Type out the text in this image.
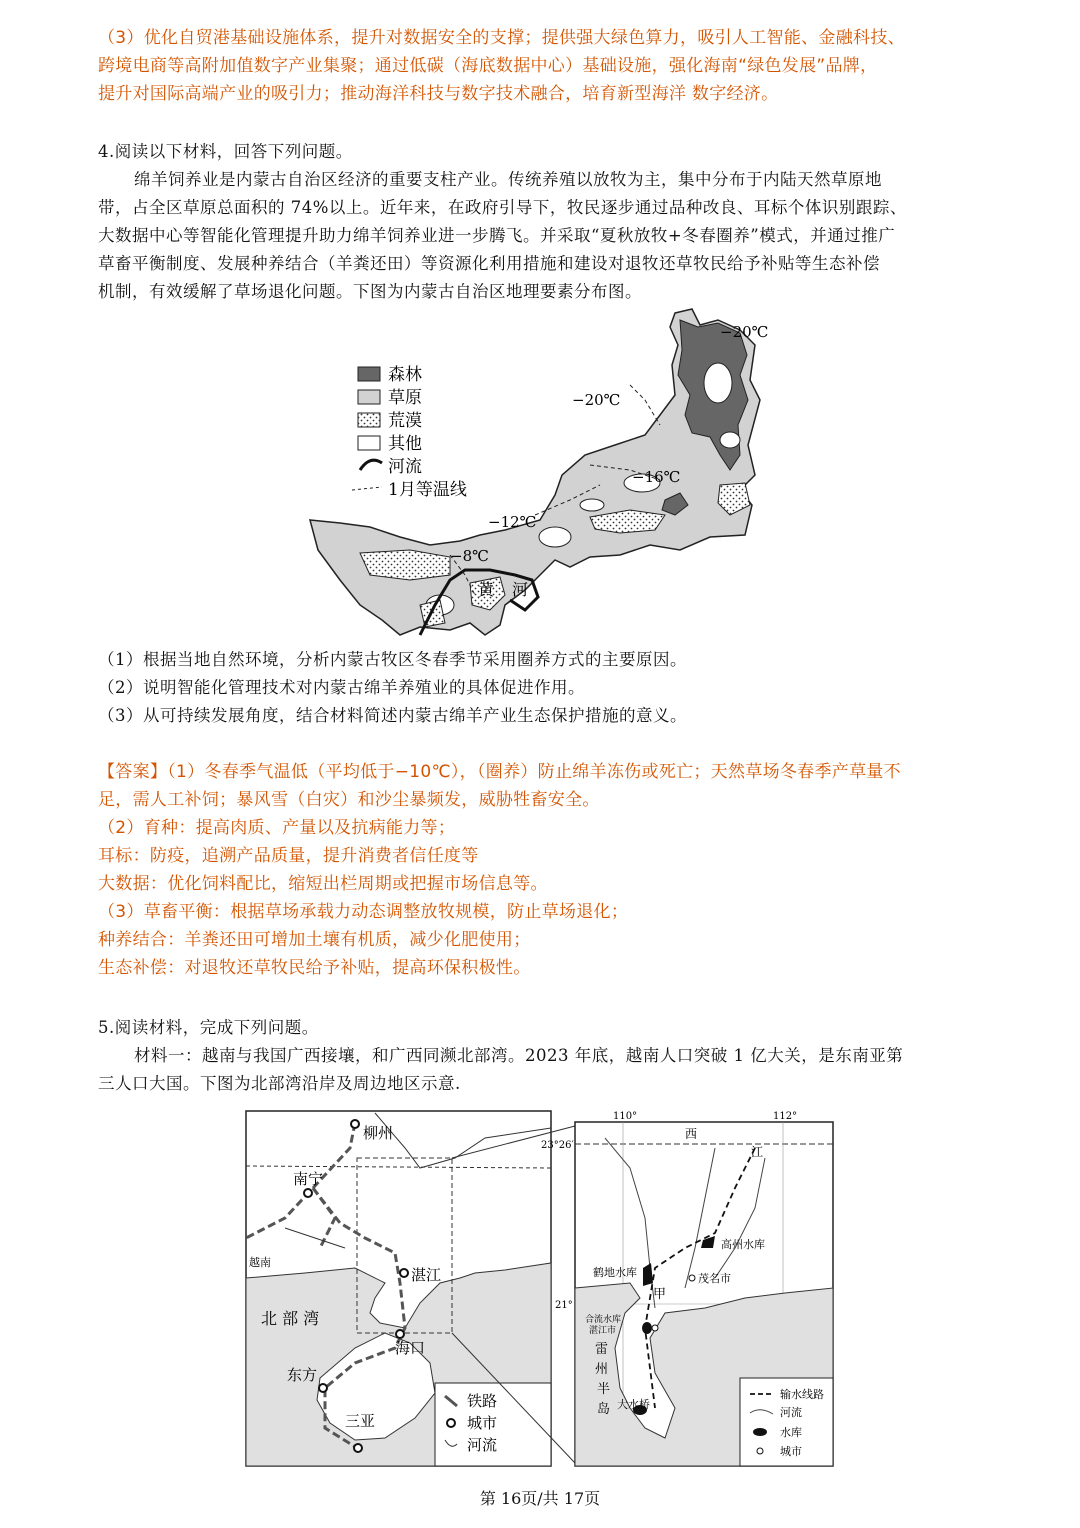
（3）优化自贸港基础设施体系，提升对数据安全的支撑；提供强大绿色算力，吸引人工智能、金融科技、

跨境电商等高附加值数字产业集聚；通过低碳（海底数据中心）基础设施，强化海南“绿色发展”品牌，

提升对国际高端产业的吸引力；推动海洋科技与数字技术融合，培育新型海洋 数字经济。

4.阅读以下材料，回答下列问题。

绵羊饲养业是内蒙古自治区经济的重要支柱产业。传统养殖以放牧为主，集中分布于内陆天然草原地

带，占全区草原总面积的 74%以上。近年来，在政府引导下，牧民逐步通过品种改良、耳标个体识别跟踪、

大数据中心等智能化管理提升助力绵羊饲养业进一步腾飞。并采取“夏秋放牧+冬春圈养”模式，并通过推广

草畜平衡制度、发展种养结合（羊粪还田）等资源化利用措施和建设对退牧还草牧民给予补贴等生态补偿

机制，有效缓解了草场退化问题。下图为内蒙古自治区地理要素分布图。

−20℃
−20℃
−16℃
−12℃
−8℃
黄 河
森林
草原
荒漠
其他
河流
1月等温线

（1）根据当地自然环境，分析内蒙古牧区冬春季节采用圈养方式的主要原因。

（2）说明智能化管理技术对内蒙古绵羊养殖业的具体促进作用。

（3）从可持续发展角度，结合材料简述内蒙古绵羊产业生态保护措施的意义。

【答案】（1）冬春季气温低（平均低于−10℃），（圈养）防止绵羊冻伤或死亡；天然草场冬春季产草量不

足，需人工补饲；暴风雪（白灾）和沙尘暴频发，威胁牲畜安全。

（2）育种：提高肉质、产量以及抗病能力等；

耳标：防疫，追溯产品质量，提升消费者信任度等

大数据：优化饲料配比，缩短出栏周期或把握市场信息等。

（3）草畜平衡：根据草场承载力动态调整放牧规模，防止草场退化；

种养结合：羊粪还田可增加土壤有机质，减少化肥使用；

生态补偿：对退牧还草牧民给予补贴，提高环保积极性。

5.阅读材料，完成下列问题。

材料一：越南与我国广西接壤，和广西同濒北部湾。2023 年底，越南人口突破 1 亿大关，是东南亚第

三人口大国。下图为北部湾沿岸及周边地区示意.

柳州
南宁
湛江
海口
东方
三亚
越南
北 部 湾
铁路
城市
河流
110°	112°
23°26′
21°
西
江
高州水库
鹤地水库	茂名市
甲
合流水库
湛江市
雷
州
半
岛 大水桥
输水线路
河流
水库
城市
第 16页/共 17页
